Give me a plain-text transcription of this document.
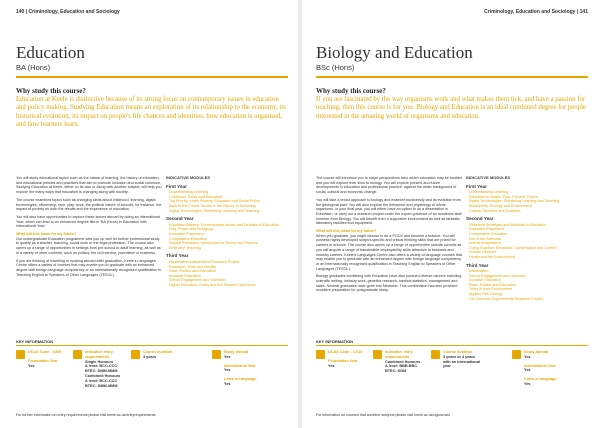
140 | Criminology, Education and Sociology
Education
BA (Hons)
Why study this course?
Education at Keele is distinctive because of its strong focus on contemporary issues in education and policy making. Studying Education means an exploration of its relationship to the economy, its historical evolution, its impact on people's life chances and identities, how education is organised, and how learners learn.

You will study educational topics such as the nature of learning, the history of education, and educational policies and practices that aim to promote inclusion and social cohesion. Studying Education at Keele, either on its own or along with another subject, will help you explore the many ways that education is changing along with society.

The course examines topics such as changing ideas about childhood, learning, digital technologies, citizenship, race, play, work, the political nature of schools, for instance, the impact of poverty on both the results and the experience of education.

You will also have opportunities to explore these issues abroad by doing an International Year, which can lead to an enhanced degree title in 'BA (Hons) in Education with International Year'.

What will this mean for my future?

Our undergraduate Education programme sets you up well for further professional study to qualify as a teacher, teaching, social work or the legal profession. The course also opens up a range of opportunities in settings from pre-school to adult learning, as well as in a variety of other contexts, such as politics, the civil service, journalism or business.

If you are thinking of travelling or working abroad after graduation, Keele's Languages Centre offers a variety of courses that may enable you to graduate with an enhanced degree with foreign language competency or an internationally recognised qualification in Teaching English to Speakers of Other Languages (TESOL).

INDICATIVE MODULES
First Year
Understanding Learning
Childhood, Policy and Education
Top Priority: Learn Poverty, Education and Social Policy
Back to the Future: Issues in the History of Schooling
Digital Technologies: Rethinking Learning and Teaching
Second Year
Education Matters: Contemporary Issues and Debates in Education
Play, Power and Pedagogy
Education Placement
Comparative Education
Special Education: Introduction to Theory and Practice
Reflective Teaching
Third Year
Dissertation/Independent Research Project
Education, Work and Identity
Race, Politics and Education
Inclusive Education
School Engagement and Outreach
Higher Education: Policy and the Student Experience
KEY INFORMATION
UCAS Code - X300
Foundation Year
Yes
Indicative entry
requirements
Single Honours
A level: BCC-CCC
BTEC: DMM-MMM
Combined Honours
A level: BCC-CCC
BTEC: DMM-MMM
Course duration
3 years
Study abroad
Yes
International Year
Yes
Learn a Language
Yes
For further information on entry requirements please visit keele.ac.uk/entryrequirements
Criminology, Education and Sociology | 141
Biology and Education
BSc (Hons)
Why study this course?
If you are fascinated by the way organisms work and what makes them tick, and have a passion for teaching, then this course is for you. Biology and Education is an ideal combined degree for people interested in the amazing world of organisms and education.

The course will introduce you to major perspectives from which education may be studied and you will explore their links to biology. You will explore present and future developments in education and professional practice, against the wider background of social, cultural and economic change.

You will take a broad approach to biology and examine biodiversity and its evolution from the geological past. You will also explore the behaviour and physiology of whole organisms. In your final year, you will either have an option to do a dissertation in Education, or carry out a research project under the expert guidance of an academic staff member from Biology. You will benefit from a supportive environment as well as fantastic laboratory facilities and equipment.

What will this mean for my future?

When you graduate, you might choose to do a PGCE and become a teacher. You will possess highly developed subject-specific and critical thinking skills that are prized for careers in schools. The course also opens up a range of opportunities outside schools as you will acquire a range of transferable employability skills attractive to business and industry careers. Keele's Languages Centre also offers a variety of language courses that may enable you to graduate with an enhanced degree with foreign language competency or an internationally recognised qualification in Teaching English to Speakers of Other Languages (TESOL).

Biology graduates combining with Education have also pursued diverse careers including scientific writing, industry work, genetics research, medical statistics, management and sales. Several graduates have gone into Medicine. This combination has also provided excellent preparation for postgraduate study.

INDICATIVE MODULES
First Year
Understanding Learning
Education in Britain: Past, Present, Future
Digital Technologies: Rethinking Learning and Teaching
Biodiversity, Ecology and Environment
Cellular Genetics and Evolution
Second Year
Research Strategies and Methods in Education
Education Placement
Comparative Education
Life in the Sciences
Animal Adaptations
Living Together: Behaviour, Conservation and Conflict
Human Genetics
Health and the Environment
Third Year
Dissertation
School Engagement and Outreach
Inclusive Education
Race, Politics and Education
Trees in their Environment
Applied Fish Biology
Life Sciences Experimental Research Project
KEY INFORMATION
UCAS Code - CX13
Foundation Year
Yes
Indicative entry
requirements
Combined Honours
A level: BBB-BBC
BTEC: DDM
Course duration
3 years or 4 years
with an international
year
Study abroad
Yes
International Year
Yes
Learn a Language
Yes
For information on courses that combine subjects please visit keele.ac.uk/ugcourses
